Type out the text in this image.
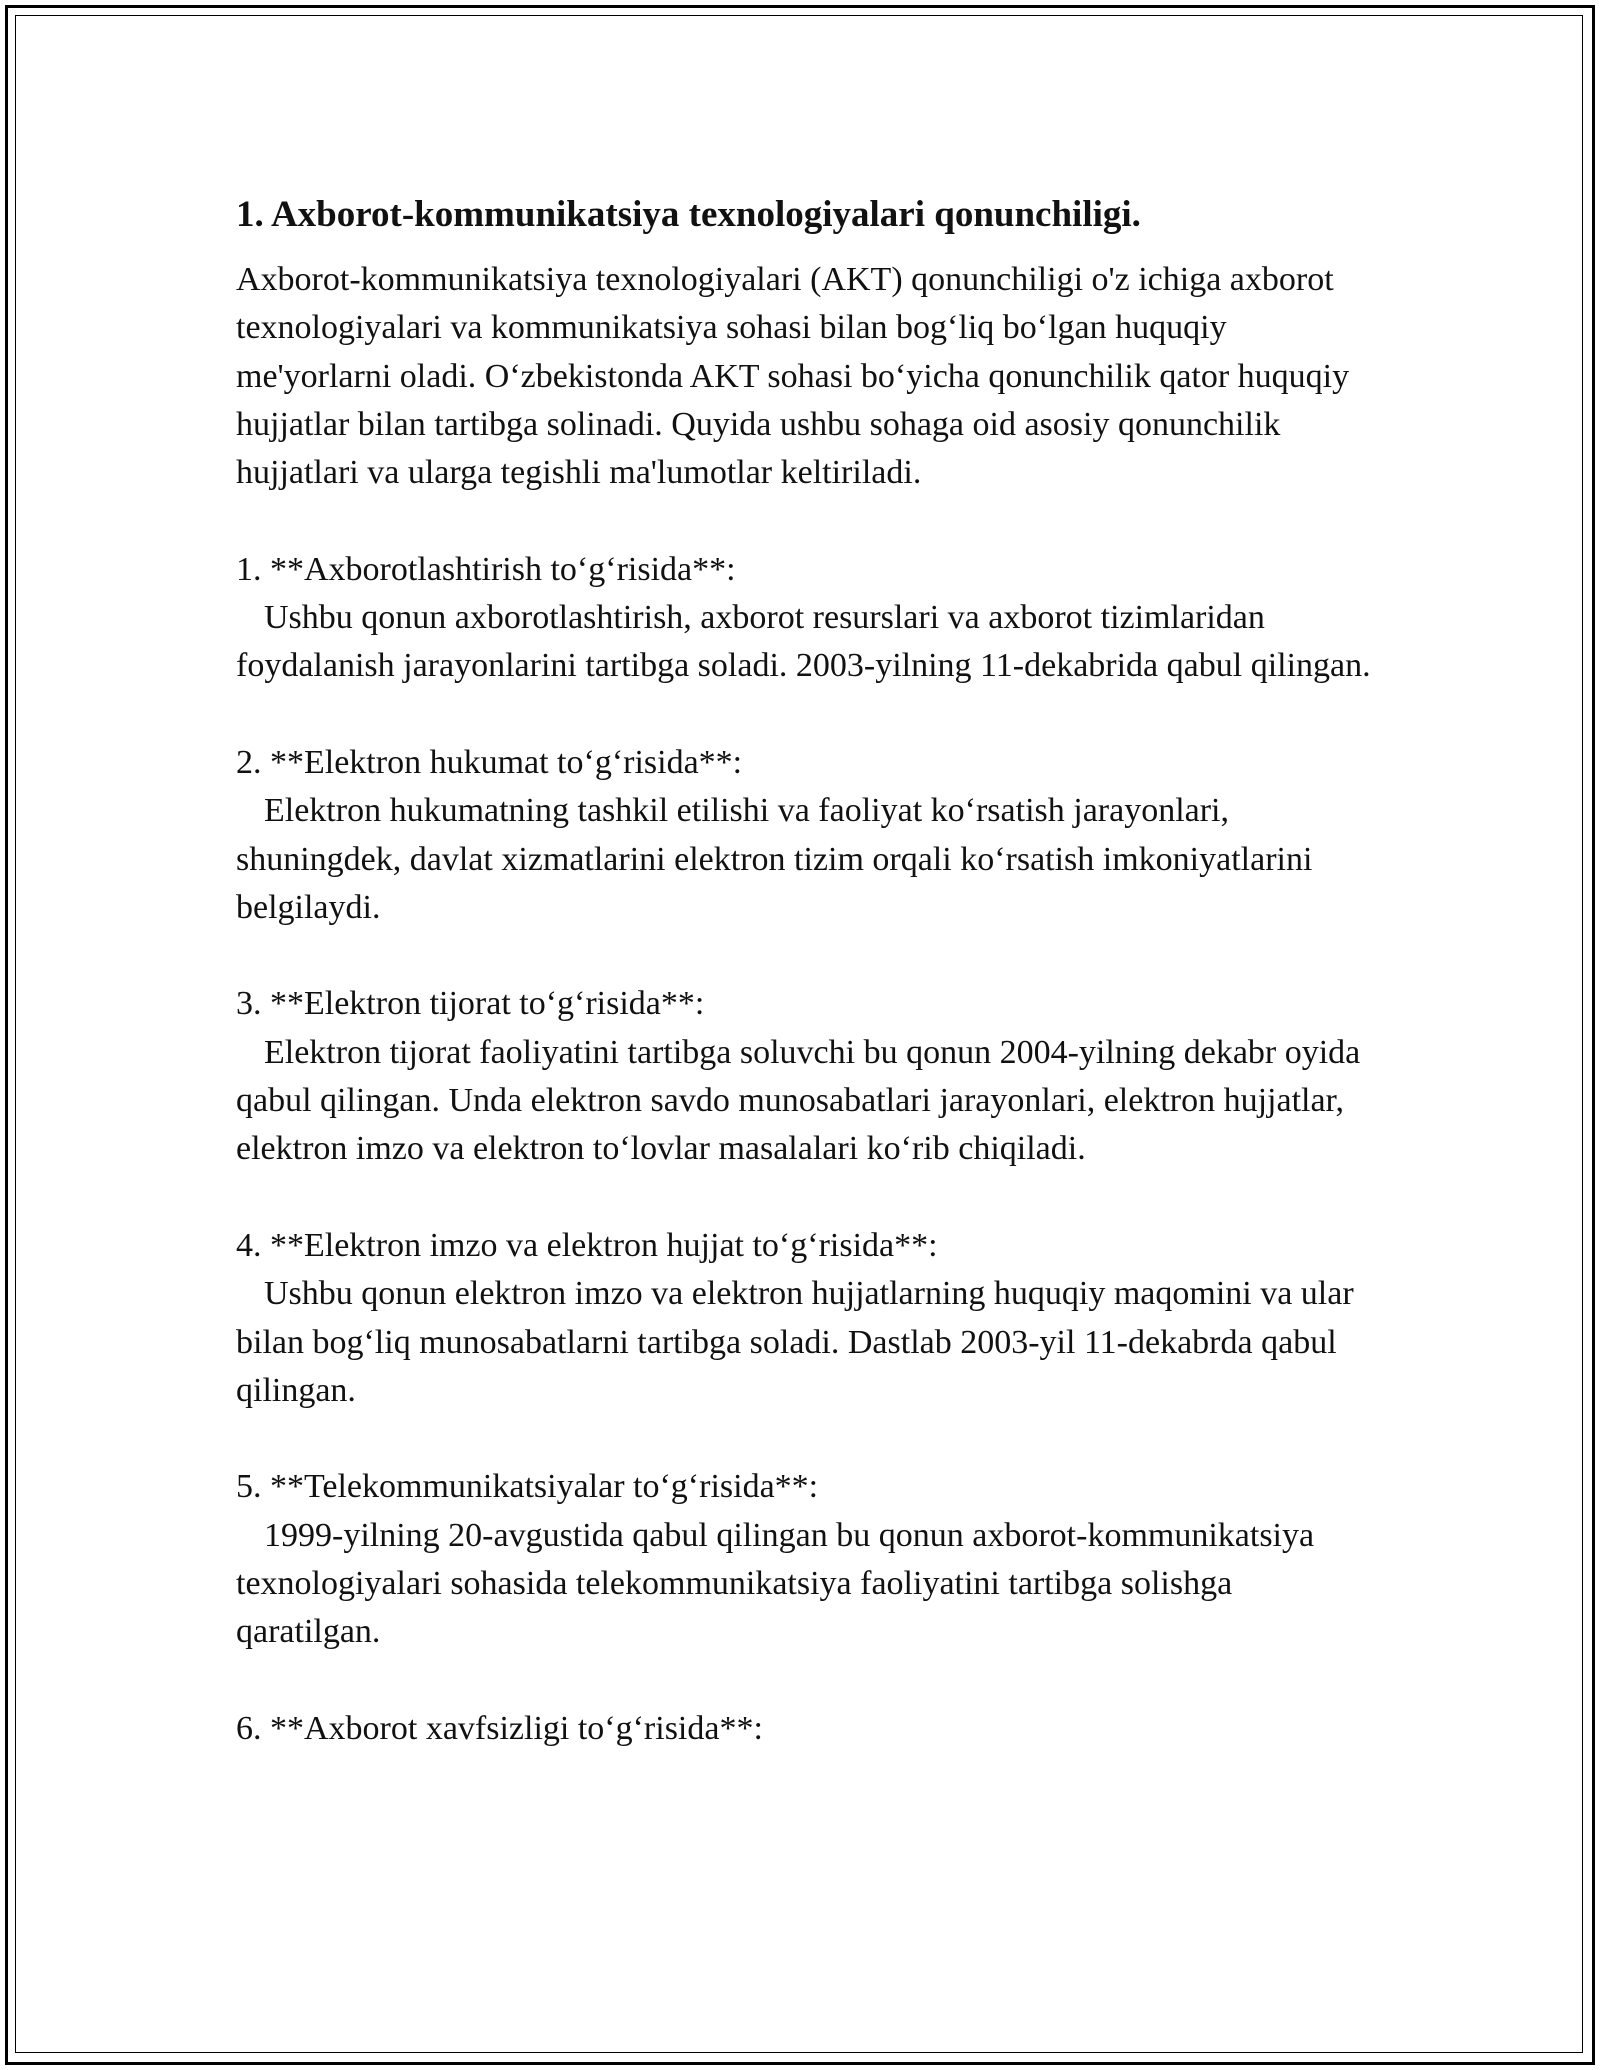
1. Axborot-kommunikatsiya texnologiyalari qonunchiligi.

Axborot-kommunikatsiya texnologiyalari (AKT) qonunchiligi o'z ichiga axborot texnologiyalari va kommunikatsiya sohasi bilan bog‘liq bo‘lgan huquqiy me'yorlarni oladi. O‘zbekistonda AKT sohasi bo‘yicha qonunchilik qator huquqiy hujjatlar bilan tartibga solinadi. Quyida ushbu sohaga oid asosiy qonunchilik hujjatlari va ularga tegishli ma'lumotlar keltiriladi.

1. **Axborotlashtirish to‘g‘risida**:

Ushbu qonun axborotlashtirish, axborot resurslari va axborot tizimlaridan foydalanish jarayonlarini tartibga soladi. 2003-yilning 11-dekabrida qabul qilingan.

2. **Elektron hukumat to‘g‘risida**:

Elektron hukumatning tashkil etilishi va faoliyat ko‘rsatish jarayonlari, shuningdek, davlat xizmatlarini elektron tizim orqali ko‘rsatish imkoniyatlarini belgilaydi.

3. **Elektron tijorat to‘g‘risida**:

Elektron tijorat faoliyatini tartibga soluvchi bu qonun 2004-yilning dekabr oyida qabul qilingan. Unda elektron savdo munosabatlari jarayonlari, elektron hujjatlar, elektron imzo va elektron to‘lovlar masalalari ko‘rib chiqiladi.

4. **Elektron imzo va elektron hujjat to‘g‘risida**:

Ushbu qonun elektron imzo va elektron hujjatlarning huquqiy maqomini va ular bilan bog‘liq munosabatlarni tartibga soladi. Dastlab 2003-yil 11-dekabrda qabul qilingan.

5. **Telekommunikatsiyalar to‘g‘risida**:

1999-yilning 20-avgustida qabul qilingan bu qonun axborot-kommunikatsiya texnologiyalari sohasida telekommunikatsiya faoliyatini tartibga solishga qaratilgan.

6. **Axborot xavfsizligi to‘g‘risida**:
